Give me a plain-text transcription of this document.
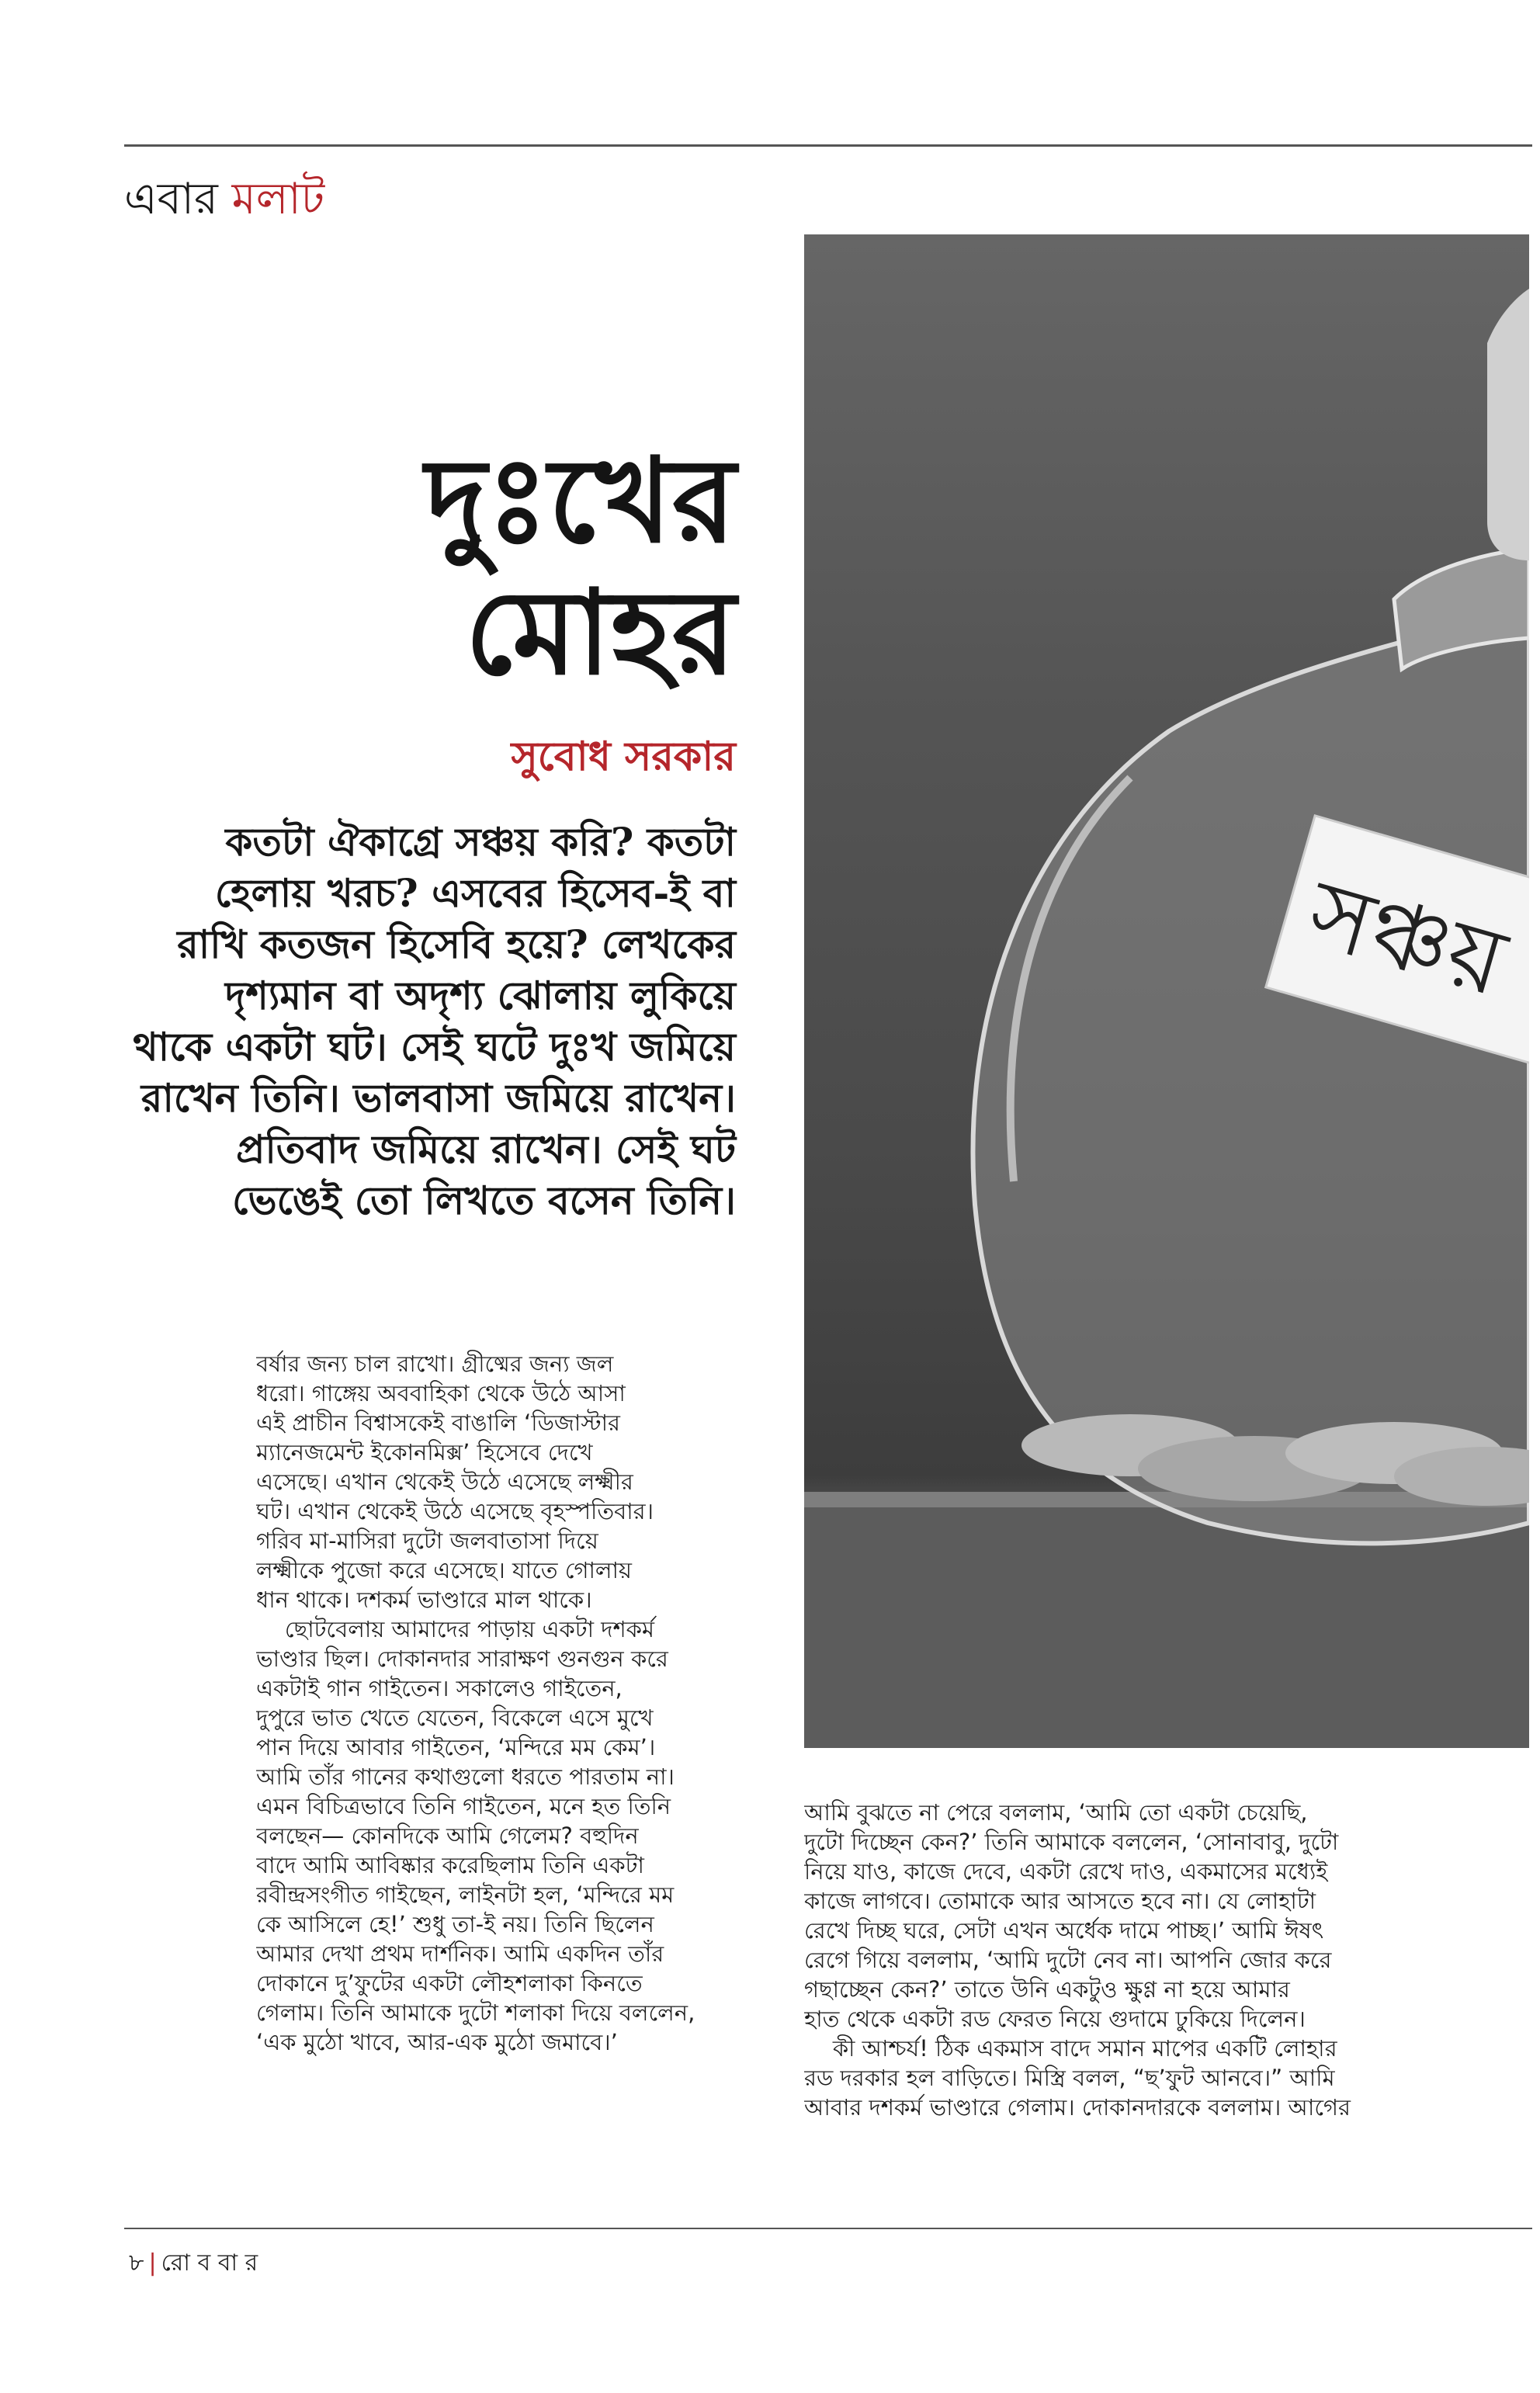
এবার মলাট
সঞ্চয়
দুঃখের
মোহর
সুবোধ সরকার
কতটা ঐকাগ্রে সঞ্চয় করি? কতটা
হেলায় খরচ? এসবের হিসেব-ই বা
রাখি কতজন হিসেবি হয়ে? লেখকের
দৃশ্যমান বা অদৃশ্য ঝোলায় লুকিয়ে
থাকে একটা ঘট। সেই ঘটে দুঃখ জমিয়ে
রাখেন তিনি। ভালবাসা জমিয়ে রাখেন।
প্রতিবাদ জমিয়ে রাখেন। সেই ঘট
ভেঙেই তো লিখতে বসেন তিনি।
বর্ষার জন্য চাল রাখো। গ্রীষ্মের জন্য জল
ধরো। গাঙ্গেয় অববাহিকা থেকে উঠে আসা
এই প্রাচীন বিশ্বাসকেই বাঙালি ‘ডিজাস্টার
ম্যানেজমেন্ট ইকোনমিক্স’ হিসেবে দেখে
এসেছে। এখান থেকেই উঠে এসেছে লক্ষ্মীর
ঘট। এখান থেকেই উঠে এসেছে বৃহস্পতিবার।
গরিব মা-মাসিরা দুটো জলবাতাসা দিয়ে
লক্ষ্মীকে পুজো করে এসেছে। যাতে গোলায়
ধান থাকে। দশকর্ম ভাণ্ডারে মাল থাকে।
ছোটবেলায় আমাদের পাড়ায় একটা দশকর্ম
ভাণ্ডার ছিল। দোকানদার সারাক্ষণ গুনগুন করে
একটাই গান গাইতেন। সকালেও গাইতেন,
দুপুরে ভাত খেতে যেতেন, বিকেলে এসে মুখে
পান দিয়ে আবার গাইতেন, ‘মন্দিরে মম কেম’।
আমি তাঁর গানের কথাগুলো ধরতে পারতাম না।
এমন বিচিত্রভাবে তিনি গাইতেন, মনে হত তিনি
বলছেন— কোনদিকে আমি গেলেম? বহুদিন
বাদে আমি আবিষ্কার করেছিলাম তিনি একটা
রবীন্দ্রসংগীত গাইছেন, লাইনটা হল, ‘মন্দিরে মম
কে আসিলে হে!’ শুধু তা-ই নয়। তিনি ছিলেন
আমার দেখা প্রথম দার্শনিক। আমি একদিন তাঁর
দোকানে দু’ফুটের একটা লৌহশলাকা কিনতে
গেলাম। তিনি আমাকে দুটো শলাকা দিয়ে বললেন,
‘এক মুঠো খাবে, আর-এক মুঠো জমাবে।’
আমি বুঝতে না পেরে বললাম, ‘আমি তো একটা চেয়েছি,
দুটো দিচ্ছেন কেন?’ তিনি আমাকে বললেন, ‘সোনাবাবু, দুটো
নিয়ে যাও, কাজে দেবে, একটা রেখে দাও, একমাসের মধ্যেই
কাজে লাগবে। তোমাকে আর আসতে হবে না। যে লোহাটা
রেখে দিচ্ছ ঘরে, সেটা এখন অর্ধেক দামে পাচ্ছ।’ আমি ঈষৎ
রেগে গিয়ে বললাম, ‘আমি দুটো নেব না। আপনি জোর করে
গছাচ্ছেন কেন?’ তাতে উনি একটুও ক্ষুণ্ণ না হয়ে আমার
হাত থেকে একটা রড ফেরত নিয়ে গুদামে ঢুকিয়ে দিলেন।
কী আশ্চর্য! ঠিক একমাস বাদে সমান মাপের একটি লোহার
রড দরকার হল বাড়িতে। মিস্ত্রি বলল, “ছ’ফুট আনবে।” আমি
আবার দশকর্ম ভাণ্ডারে গেলাম। দোকানদারকে বললাম। আগের
৮ | রো ব বা র
